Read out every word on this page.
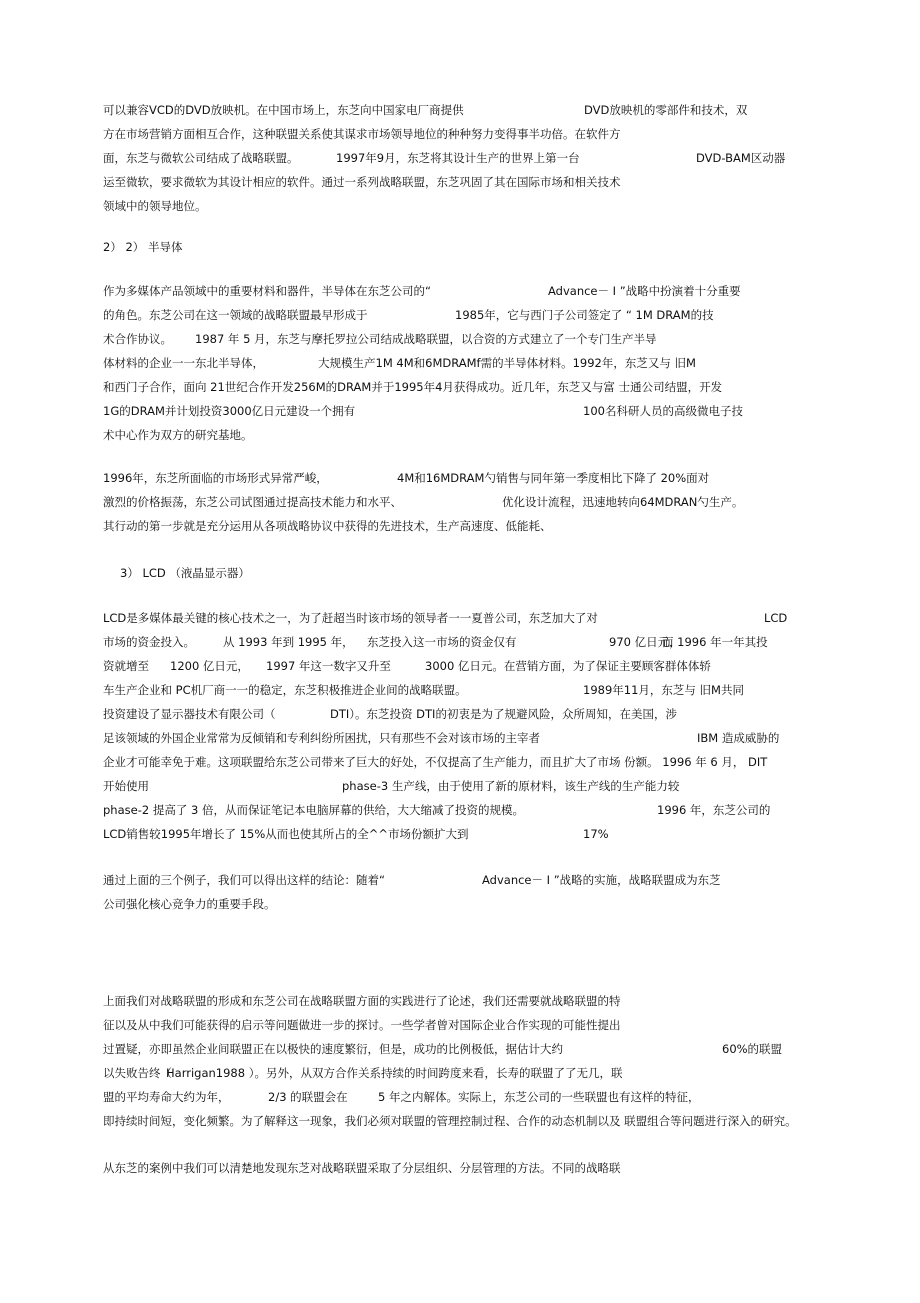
可以兼容VCD的DVD放映机。在中国市场上，东芝向中国家电厂商提供	DVD放映机的零部件和技术，双
方在市场营销方面相互合作，这种联盟关系使其谋求市场领导地位的种种努力变得事半功倍。在软件方
面，东芝与微软公司结成了战略联盟。	1997年9月，东芝将其设计生产的世界上第一台	DVD-BAM区动器
运至微软，要求微软为其设计相应的软件。通过一系列战略联盟，东芝巩固了其在国际市场和相关技术
领域中的领导地位。
2） 2） 半导体
作为多媒体产品领域中的重要材料和器件，半导体在东芝公司的“	Advance－ I ”战略中扮演着十分重要
的角色。东芝公司在这一领域的战略联盟最早形成于	1985年，它与西门子公司签定了 “ 1M DRAM的技
术合作协议。 1987 年 5 月，东芝与摩托罗拉公司结成战略联盟，以合资的方式建立了一个专门生产半导
体材料的企业一一东北半导体，	大规模生产1M 4M和6MDRAMf需的半导体材料。1992年，东芝又与 旧M
和西门子合作，面向 21世纪合作开发256M的DRAM并于1995年4月获得成功。近几年，东芝又与富 士通公司结盟，开发
1G的DRAM并计划投资3000亿日元建设一个拥有	100名科研人员的高级微电子技
术中心作为双方的研究基地。
1996年，东芝所面临的市场形式异常严峻，	4M和16MDRAM勺销售与同年第一季度相比下降了 20%面对
激烈的价格振荡，东芝公司试图通过提高技术能力和水平、	优化设计流程，迅速地转向64MDRAN勺生产。
其行动的第一步就是充分运用从各项战略协议中获得的先进技术，生产高速度、低能耗、
3） LCD （液晶显示器）
LCD是多媒体最关键的核心技术之一，为了赶超当时该市场的领导者一一夏普公司，东芝加大了对	LCD
市场的资金投入。 从 1993 年到 1995 年， 东芝投入这一市场的资金仅有	970 亿日元，
而 1996 年一年其投
资就增至 1200 亿日元， 1997 年这一数字又升至	3000 亿日元。在营销方面，为了保证主要顾客群体体轿
车生产企业和 PC机厂商一一的稳定，东芝积极推进企业间的战略联盟。	1989年11月，东芝与 旧M共同
投资建设了显示器技术有限公司（	DTI）。东芝投资 DTI的初衷是为了规避风险，众所周知，在美国，涉
足该领域的外国企业常常为反倾销和专利纠纷所困扰，只有那些不会对该市场的主宰者	IBM 造成威胁的
企业才可能幸免于难。这项联盟给东芝公司带来了巨大的好处，不仅提高了生产能力，而且扩大了市场 份额。 1996 年 6 月， DIT
开始使用	phase-3 生产线，由于使用了新的原材料，该生产线的生产能力较
phase-2 提高了 3 倍，从而保证笔记本电脑屏幕的供给，大大缩减了投资的规模。	1996 年，东芝公司的
LCD销售较1995年增长了 15%从而也使其所占的全^^市场份额扩大到	17%
通过上面的三个例子，我们可以得出这样的结论：随着“	Advance－ I ”战略的实施，战略联盟成为东芝
公司强化核心竞争力的重要手段。
上面我们对战略联盟的形成和东芝公司在战略联盟方面的实践进行了论述，我们还需要就战略联盟的特
征以及从中我们可能获得的启示等问题做进一步的探讨。一些学者曾对国际企业合作实现的可能性提出
过置疑，亦即虽然企业间联盟正在以极快的速度繁衍，但是，成功的比例极低，据估计大约	60%的联盟
以失败告终（
Harrigan1988 ）。另外，从双方合作关系持续的时间跨度来看，长寿的联盟了了无几，联
盟的平均寿命大约为年，	2/3 的联盟会在	5 年之内解体。实际上，东芝公司的一些联盟也有这样的特征，
即持续时间短，变化频繁。为了解释这一现象，我们必须对联盟的管理控制过程、合作的动态机制以及 联盟组合等问题进行深入的研究。
从东芝的案例中我们可以清楚地发现东芝对战略联盟采取了分层组织、分层管理的方法。不同的战略联
